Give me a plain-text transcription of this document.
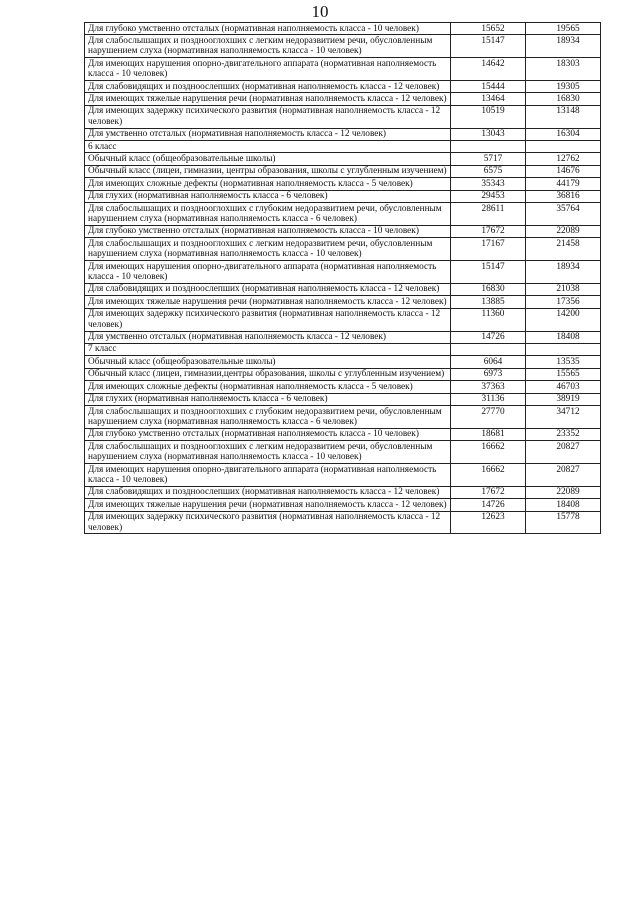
10
Для глубоко умственно отсталых (нормативная наполняемость класса - 10 человек)	15652	19565
Для слабослышащих и позднооглохших с легким недоразвитием речи, обусловленным нарушением слуха (нормативная наполняемость класса - 10 человек)	15147	18934
Для имеющих нарушения опорно-двигательного аппарата (нормативная наполняемость класса - 10 человек)	14642	18303
Для слабовидящих и поздноослепших (нормативная наполняемость класса - 12 человек)	15444	19305
Для имеющих тяжелые нарушения речи (нормативная наполняемость класса - 12 человек)	13464	16830
Для имеющих задержку психического развития (нормативная наполняемость класса - 12 человек)	10519	13148
Для умственно отсталых (нормативная наполняемость класса - 12 человек)	13043	16304
6 класс		
Обычный класс (общеобразовательные школы)	5717	12762
Обычный класс (лицеи, гимназии, центры образования, школы с углубленным изучением)	6575	14676
Для имеющих сложные дефекты (нормативная наполняемость класса - 5 человек)	35343	44179
Для глухих (нормативная наполняемость класса - 6 человек)	29453	36816
Для слабослышащих и позднооглохших с глубоким недоразвитием речи, обусловленным нарушением слуха (нормативная наполняемость класса - 6 человек)	28611	35764
Для глубоко умственно отсталых (нормативная наполняемость класса - 10 человек)	17672	22089
Для слабослышащих и позднооглохших с легким недоразвитием речи, обусловленным нарушением слуха (нормативная наполняемость класса - 10 человек)	17167	21458
Для имеющих нарушения опорно-двигательного аппарата (нормативная наполняемость класса - 10 человек)	15147	18934
Для слабовидящих и поздноослепших (нормативная наполняемость класса - 12 человек)	16830	21038
Для имеющих тяжелые нарушения речи (нормативная наполняемость класса - 12 человек)	13885	17356
Для имеющих задержку психического развития (нормативная наполняемость класса - 12 человек)	11360	14200
Для умственно отсталых (нормативная наполняемость класса - 12 человек)	14726	18408
7 класс		
Обычный класс (общеобразовательные школы)	6064	13535
Обычный класс (лицеи, гимназии,центры образования, школы с углубленным изучением)	6973	15565
Для имеющих сложные дефекты (нормативная наполняемость класса - 5 человек)	37363	46703
Для глухих (нормативная наполняемость класса - 6 человек)	31136	38919
Для слабослышащих и позднооглохших с глубоким недоразвитием речи, обусловленным нарушением слуха (нормативная наполняемость класса - 6 человек)	27770	34712
Для глубоко умственно отсталых (нормативная наполняемость класса - 10 человек)	18681	23352
Для слабослышащих и позднооглохших с легким недоразвитием речи, обусловленным нарушением слуха (нормативная наполняемость класса - 10 человек)	16662	20827
Для имеющих нарушения опорно-двигательного аппарата (нормативная наполняемость класса - 10 человек)	16662	20827
Для слабовидящих и поздноослепших (нормативная наполняемость класса - 12 человек)	17672	22089
Для имеющих тяжелые нарушения речи (нормативная наполняемость класса - 12 человек)	14726	18408
Для имеющих задержку психического развития (нормативная наполняемость класса - 12 человек)	12623	15778
